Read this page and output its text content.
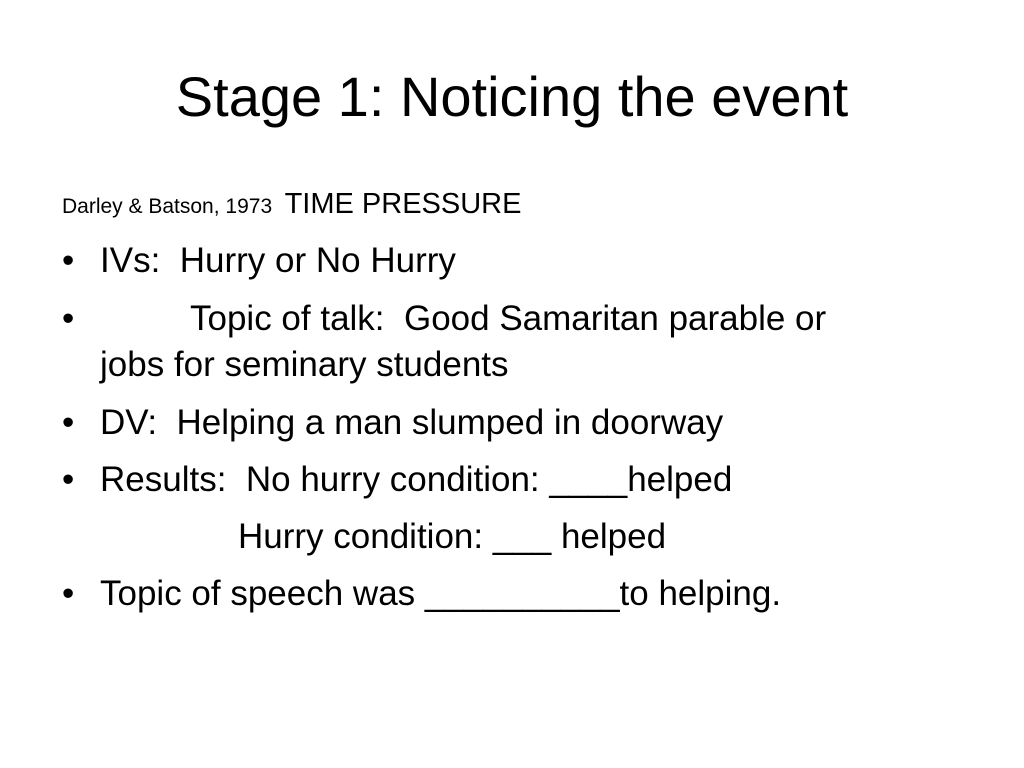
Stage 1: Noticing the event
Darley & Batson, 1973 TIME PRESSURE
• IVs:  Hurry or No Hurry
•	Topic of talk:  Good Samaritan parable or
jobs for seminary students
• DV:  Helping a man slumped in doorway
• Results:  No hurry condition: ____helped
Hurry condition: ___ helped
• Topic of speech was __________to helping.
